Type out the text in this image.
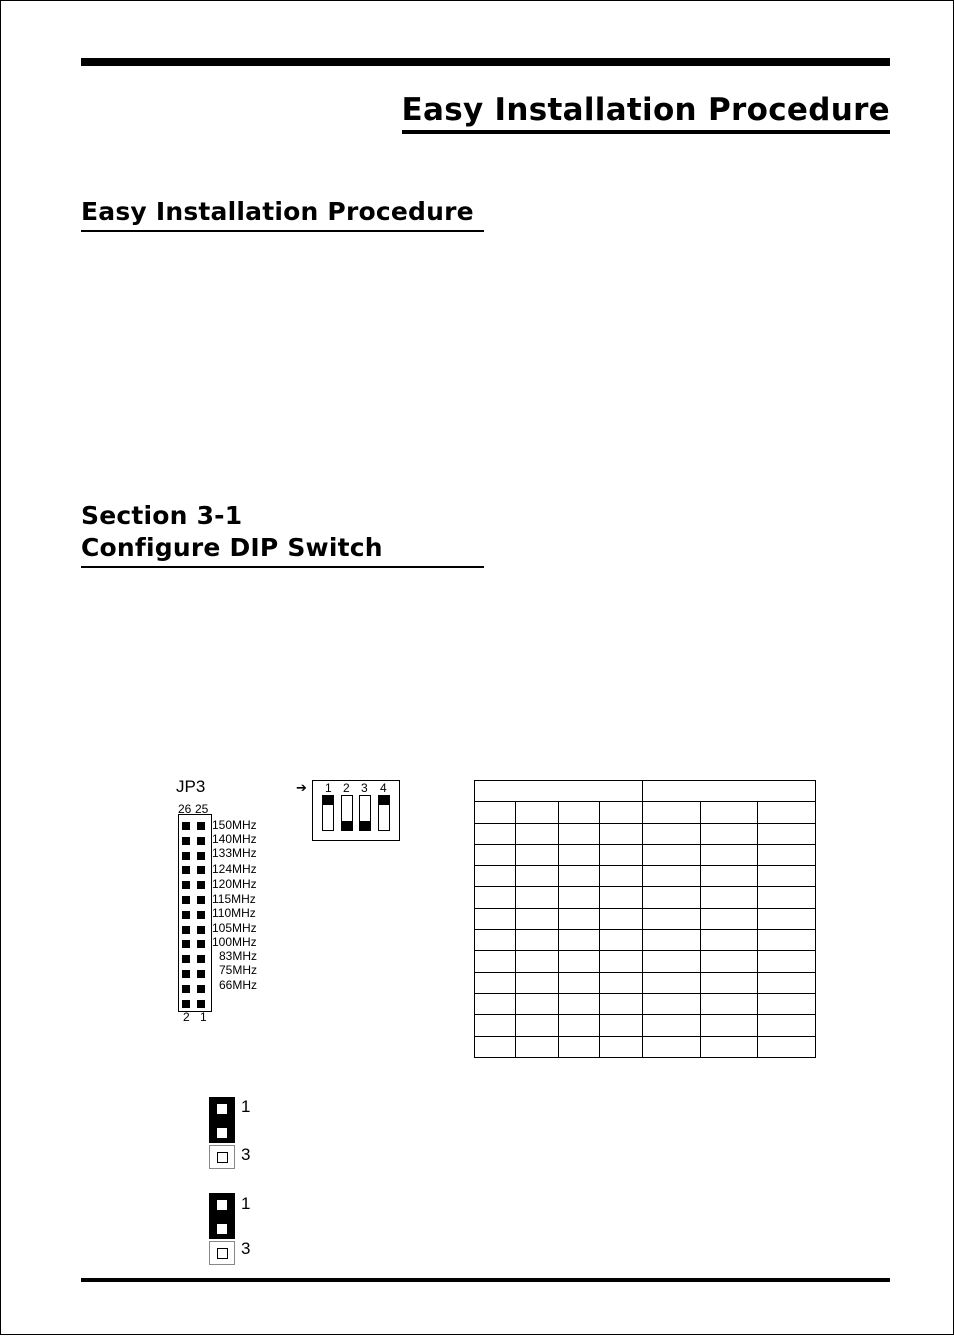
Easy Installation Procedure
Easy Installation Procedure
Section 3-1
Configure DIP Switch
JP3
26 25
2 1
150MHz
140MHz
133MHz
124MHz
120MHz
115MHz
110MHz
105MHz
100MHz
83MHz
75MHz
66MHz
➔ 1 2 3 4

1
3
1
3
